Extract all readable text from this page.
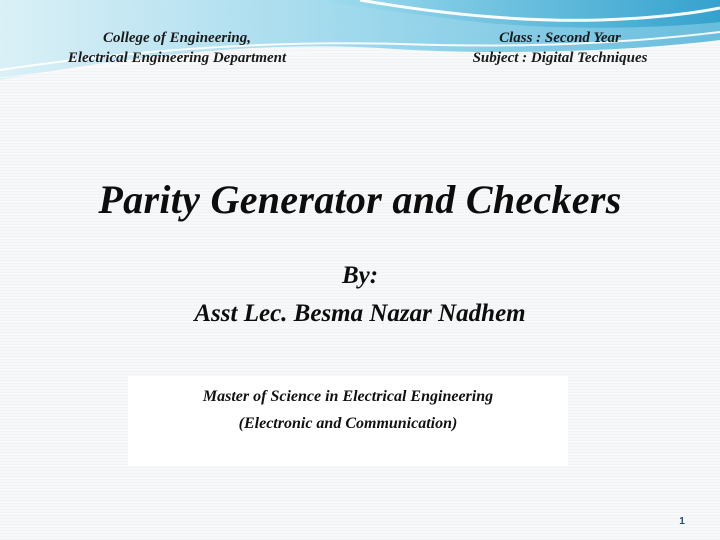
College of Engineering,
Electrical Engineering Department
Class : Second Year
Subject : Digital Techniques
Parity Generator and Checkers
By:
Asst Lec. Besma Nazar Nadhem
Master of Science in Electrical Engineering
(Electronic and Communication)
1
